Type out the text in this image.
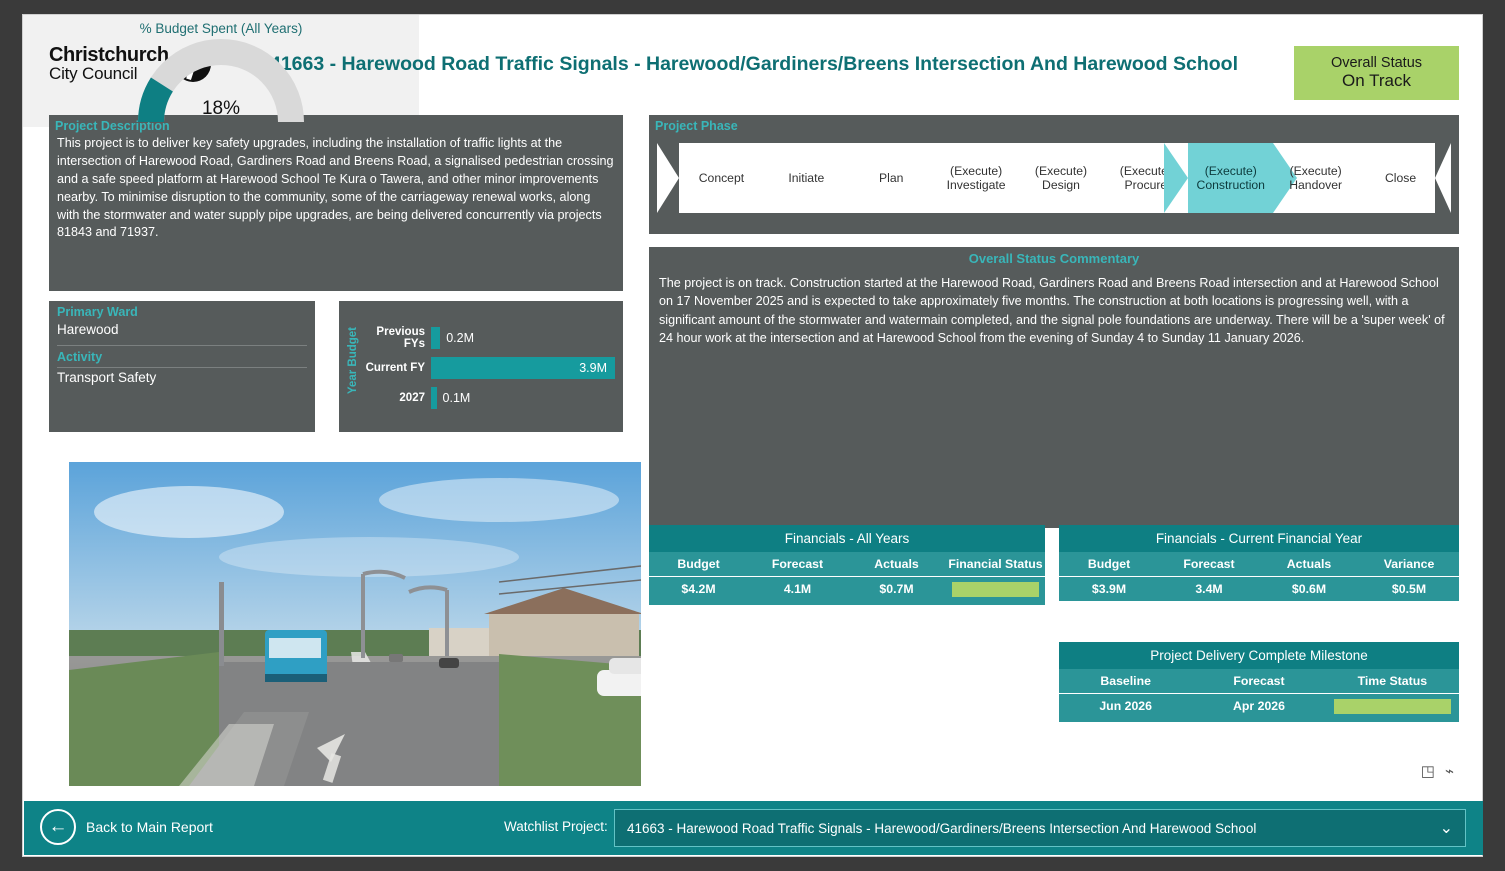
Christchurch
City Council	41663 - Harewood Road Traffic Signals - Harewood/Gardiners/Breens Intersection And Harewood School	Overall Status
On Track
Project Description
This project is to deliver key safety upgrades, including the installation of traffic lights at the intersection of Harewood Road, Gardiners Road and Breens Road, a signalised pedestrian crossing and a safe speed platform at Harewood School Te Kura o Tawera, and other minor improvements nearby. To minimise disruption to the community, some of the carriageway renewal works, along with the stormwater and water supply pipe upgrades, are being delivered concurrently via projects 81843 and 71937.
Primary Ward
Harewood
Activity
Transport Safety	Year Budget	Previous FYs	0.2M
Current FY	3.9M
2027	0.1M
Project Phase
Concept	Initiate	Plan
(Execute)
Investigate
(Execute)
Design
(Execute)
Procure
(Execute)
Construction
(Execute)
Handover
Close
Overall Status Commentary
The project is on track. Construction started at the Harewood Road, Gardiners Road and Breens Road intersection and at Harewood School on 17 November 2025 and is expected to take approximately five months. The construction at both locations is progressing well, with a significant amount of the stormwater and watermain completed, and the signal pole foundations are underway. There will be a 'super week' of 24 hour work at the intersection and at Harewood School from the evening of Sunday 4 to Sunday 11 January 2026.
Financials - All Years
Budget	Forecast	Actuals	Financial Status
$4.2M	4.1M	$0.7M
Financials - Current Financial Year
Budget	Forecast	Actuals	Variance
$3.9M	3.4M	$0.6M	$0.5M
% Budget Spent (All Years)
18%
Project Delivery Complete Milestone
Baseline	Forecast	Time Status
Jun 2026	Apr 2026
◳ ⌁
←	Back to Main Report	Watchlist Project: 41663 - Harewood Road Traffic Signals - Harewood/Gardiners/Breens Intersection And Harewood School	⌄
